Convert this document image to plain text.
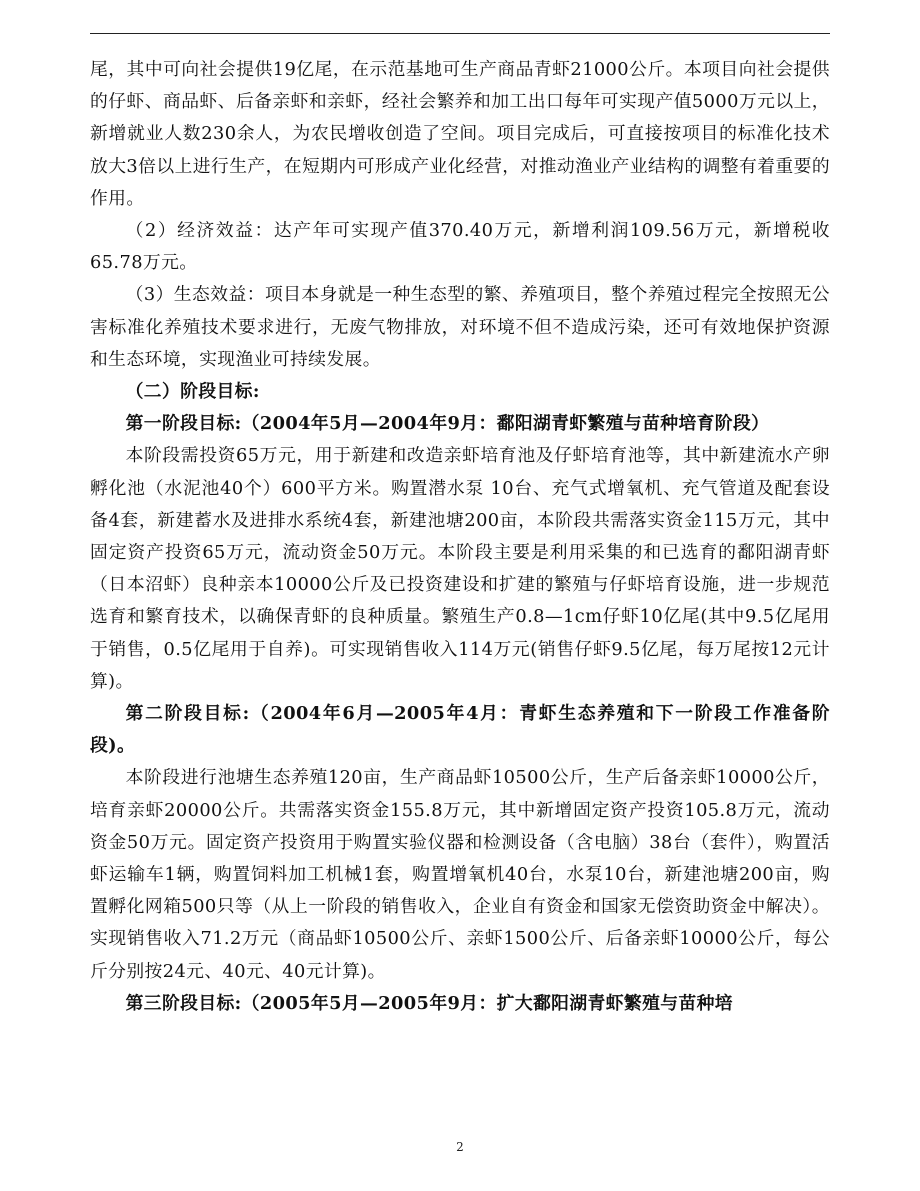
尾，其中可向社会提供19亿尾，在示范基地可生产商品青虾21000公斤。本项目向社会提供的仔虾、商品虾、后备亲虾和亲虾，经社会繁养和加工出口每年可实现产值5000万元以上，新增就业人数230余人，为农民增收创造了空间。项目完成后，可直接按项目的标准化技术放大3倍以上进行生产，在短期内可形成产业化经营，对推动渔业产业结构的调整有着重要的作用。

（2）经济效益：达产年可实现产值370.40万元，新增利润109.56万元，新增税收65.78万元。

（3）生态效益：项目本身就是一种生态型的繁、养殖项目，整个养殖过程完全按照无公害标准化养殖技术要求进行，无废气物排放，对环境不但不造成污染，还可有效地保护资源和生态环境，实现渔业可持续发展。

（二）阶段目标:

第一阶段目标:（2004年5月—2004年9月：鄱阳湖青虾繁殖与苗种培育阶段）

本阶段需投资65万元，用于新建和改造亲虾培育池及仔虾培育池等，其中新建流水产卵孵化池（水泥池40个）600平方米。购置潜水泵 10台、充气式增氧机、充气管道及配套设备4套，新建蓄水及进排水系统4套，新建池塘200亩，本阶段共需落实资金115万元，其中固定资产投资65万元，流动资金50万元。本阶段主要是利用采集的和已选育的鄱阳湖青虾（日本沼虾）良种亲本10000公斤及已投资建设和扩建的繁殖与仔虾培育设施，进一步规范选育和繁育技术，以确保青虾的良种质量。繁殖生产0.8—1cm仔虾10亿尾(其中9.5亿尾用于销售，0.5亿尾用于自养)。可实现销售收入114万元(销售仔虾9.5亿尾，每万尾按12元计算)。

第二阶段目标:（2004年6月—2005年4月：青虾生态养殖和下一阶段工作准备阶段)。

本阶段进行池塘生态养殖120亩，生产商品虾10500公斤，生产后备亲虾10000公斤，培育亲虾20000公斤。共需落实资金155.8万元，其中新增固定资产投资105.8万元，流动资金50万元。固定资产投资用于购置实验仪器和检测设备（含电脑）38台（套件），购置活虾运输车1辆，购置饲料加工机械1套，购置增氧机40台，水泵10台，新建池塘200亩，购置孵化网箱500只等（从上一阶段的销售收入，企业自有资金和国家无偿资助资金中解决）。实现销售收入71.2万元（商品虾10500公斤、亲虾1500公斤、后备亲虾10000公斤，每公斤分别按24元、40元、40元计算)。

第三阶段目标:（2005年5月—2005年9月：扩大鄱阳湖青虾繁殖与苗种培

2
